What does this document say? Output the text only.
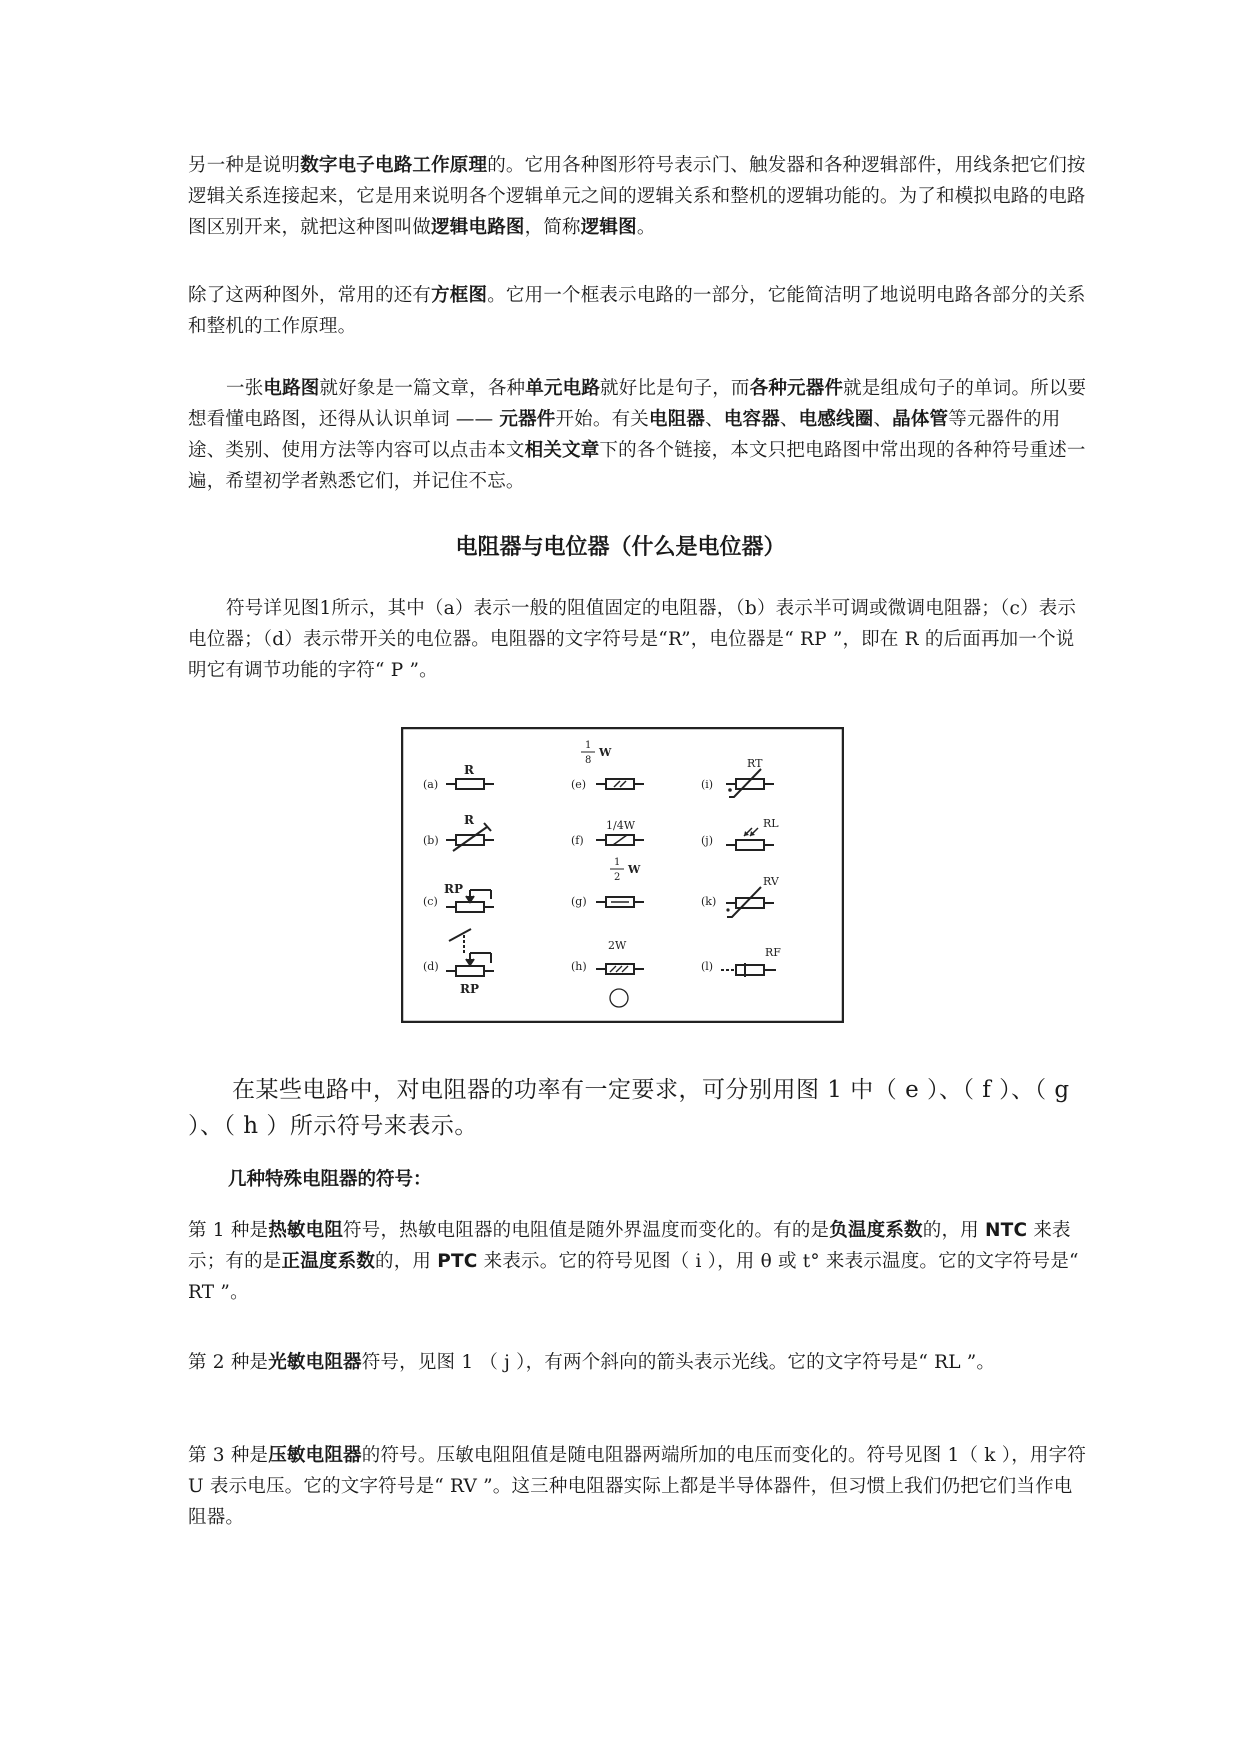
另一种是说明数字电子电路工作原理的。它用各种图形符号表示门、触发器和各种逻辑部件，用线条把它们按逻辑关系连接起来，它是用来说明各个逻辑单元之间的逻辑关系和整机的逻辑功能的。为了和模拟电路的电路图区别开来，就把这种图叫做逻辑电路图，简称逻辑图。

除了这两种图外，常用的还有方框图。它用一个框表示电路的一部分，它能简洁明了地说明电路各部分的关系和整机的工作原理。

一张电路图就好象是一篇文章，各种单元电路就好比是句子，而各种元器件就是组成句子的单词。所以要想看懂电路图，还得从认识单词 —— 元器件开始。有关电阻器、电容器、电感线圈、晶体管等元器件的用途、类别、使用方法等内容可以点击本文相关文章下的各个链接，本文只把电路图中常出现的各种符号重述一遍，希望初学者熟悉它们，并记住不忘。

电阻器与电位器（什么是电位器）

符号详见图1所示，其中（a）表示一般的阻值固定的电阻器，（b）表示半可调或微调电阻器；（c）表示电位器；（d）表示带开关的电位器。电阻器的文字符号是“R”，电位器是“ RP ”，即在 R 的后面再加一个说明它有调节功能的字符“ P ”。

(a)
(b)
(c)
(d)
(e)
(f)
(g)
(h)
(i)
(j)
(k)
(l)
R
R
RP
RP
1
8
W
1/4W
1
2
W
2W
RT
RL
RV
RF

在某些电路中，对电阻器的功率有一定要求，可分别用图 1 中（ e ）、（ f ）、（ g ）、（ h ）所示符号来表示。

几种特殊电阻器的符号：

第 1 种是热敏电阻符号，热敏电阻器的电阻值是随外界温度而变化的。有的是负温度系数的，用 NTC 来表示；有的是正温度系数的，用 PTC 来表示。它的符号见图（ i ），用 θ 或 t° 来表示温度。它的文字符号是“ RT ”。

第 2 种是光敏电阻器符号，见图 1 （ j ），有两个斜向的箭头表示光线。它的文字符号是“ RL ”。

第 3 种是压敏电阻器的符号。压敏电阻阻值是随电阻器两端所加的电压而变化的。符号见图 1（ k ），用字符 U 表示电压。它的文字符号是“ RV ”。这三种电阻器实际上都是半导体器件，但习惯上我们仍把它们当作电阻器。
